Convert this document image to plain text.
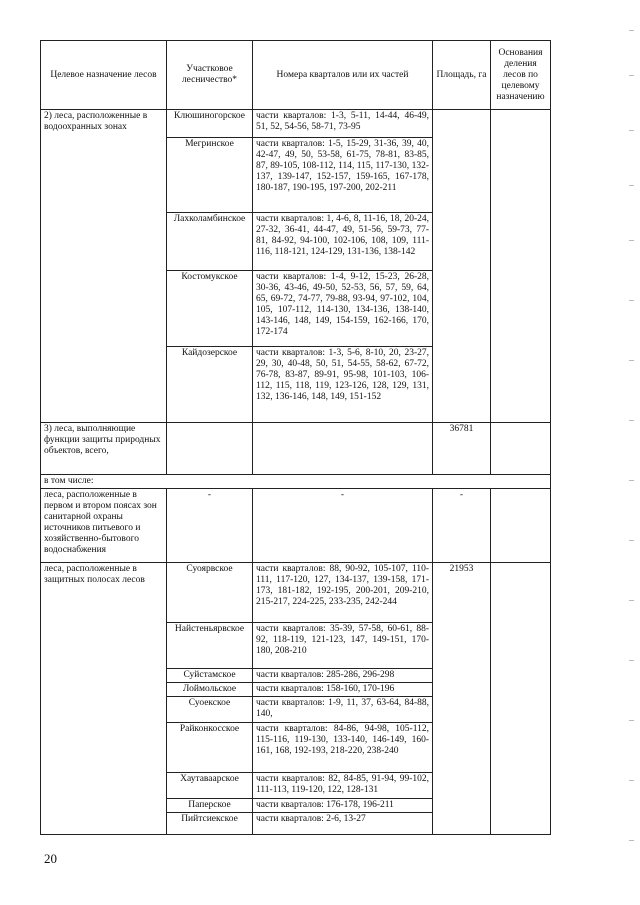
Целевое назначение лесов	Участковое лесничество*	Номера кварталов или их частей	Площадь, га	Основания деления лесов по целевому назначению
2) леса, расположенные в водоохранных зонах	Клюшиногорское	части кварталов: 1-3, 5-11, 14-44, 46-49, 51, 52, 54-56, 58-71, 73-95		
	Мегринское	части кварталов: 1-5, 15-29, 31-36, 39, 40, 42-47, 49, 50, 53-58, 61-75, 78-81, 83-85, 87, 89-105, 108-112, 114, 115, 117-130, 132-137, 139-147, 152-157, 159-165, 167-178, 180-187, 190-195, 197-200, 202-211		
	Лахколамбинское	части кварталов: 1, 4-6, 8, 11-16, 18, 20-24, 27-32, 36-41, 44-47, 49, 51-56, 59-73, 77-81, 84-92, 94-100, 102-106, 108, 109, 111-116, 118-121, 124-129, 131-136, 138-142		
	Костомукское	части кварталов: 1-4, 9-12, 15-23, 26-28, 30-36, 43-46, 49-50, 52-53, 56, 57, 59, 64, 65, 69-72, 74-77, 79-88, 93-94, 97-102, 104, 105, 107-112, 114-130, 134-136, 138-140, 143-146, 148, 149, 154-159, 162-166, 170, 172-174		
	Кайдозерское	части кварталов: 1-3, 5-6, 8-10, 20, 23-27, 29, 30, 40-48, 50, 51, 54-55, 58-62, 67-72, 76-78, 83-87, 89-91, 95-98, 101-103, 106-112, 115, 118, 119, 123-126, 128, 129, 131, 132, 136-146, 148, 149, 151-152		
3) леса, выполняющие функции защиты природных объектов, всего,			36781	
в том числе:				
леса, расположенные в первом и втором поясах зон санитарной охраны источников питьевого и хозяйственно-бытового водоснабжения	-	-	-	
леса, расположенные в защитных полосах лесов	Суоярвское	части кварталов: 88, 90-92, 105-107, 110-111, 117-120, 127, 134-137, 139-158, 171-173, 181-182, 192-195, 200-201, 209-210, 215-217, 224-225, 233-235, 242-244	21953	
	Найстеньярвское	части кварталов: 35-39, 57-58, 60-61, 88-92, 118-119, 121-123, 147, 149-151, 170-180, 208-210		
	Суйстамское	части кварталов: 285-286, 296-298		
	Лоймольское	части кварталов: 158-160, 170-196		
	Суоекское	части кварталов: 1-9, 11, 37, 63-64, 84-88, 140,		
	Райконкосское	части кварталов: 84-86, 94-98, 105-112, 115-116, 119-130, 133-140, 146-149, 160-161, 168, 192-193, 218-220, 238-240		
	Хаутаваарское	части кварталов: 82, 84-85, 91-94, 99-102, 111-113, 119-120, 122, 128-131		
	Паперское	части кварталов: 176-178, 196-211		
	Пийтсиекское	части кварталов: 2-6, 13-27		
20
